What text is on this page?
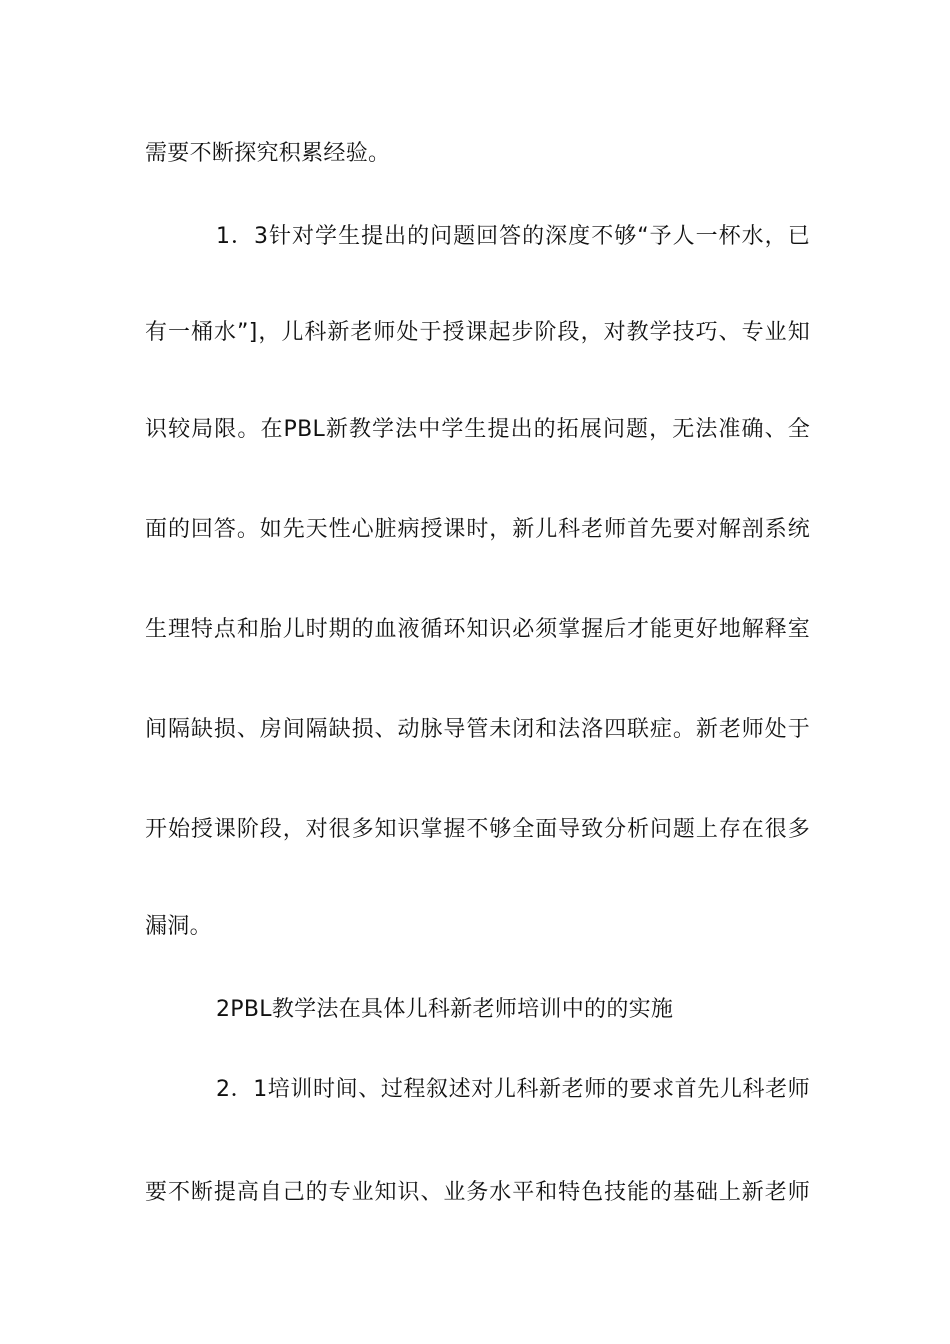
需要不断探究积累经验。
1．3针对学生提出的问题回答的深度不够“予人一杯水，已
有一桶水”]，儿科新老师处于授课起步阶段，对教学技巧、专业知
识较局限。在PBL新教学法中学生提出的拓展问题，无法准确、全
面的回答。如先天性心脏病授课时，新儿科老师首先要对解剖系统
生理特点和胎儿时期的血液循环知识必须掌握后才能更好地解释室
间隔缺损、房间隔缺损、动脉导管未闭和法洛四联症。新老师处于
开始授课阶段，对很多知识掌握不够全面导致分析问题上存在很多
漏洞。
2PBL教学法在具体儿科新老师培训中的的实施
2．1培训时间、过程叙述对儿科新老师的要求首先儿科老师
要不断提高自己的专业知识、业务水平和特色技能的基础上新老师
